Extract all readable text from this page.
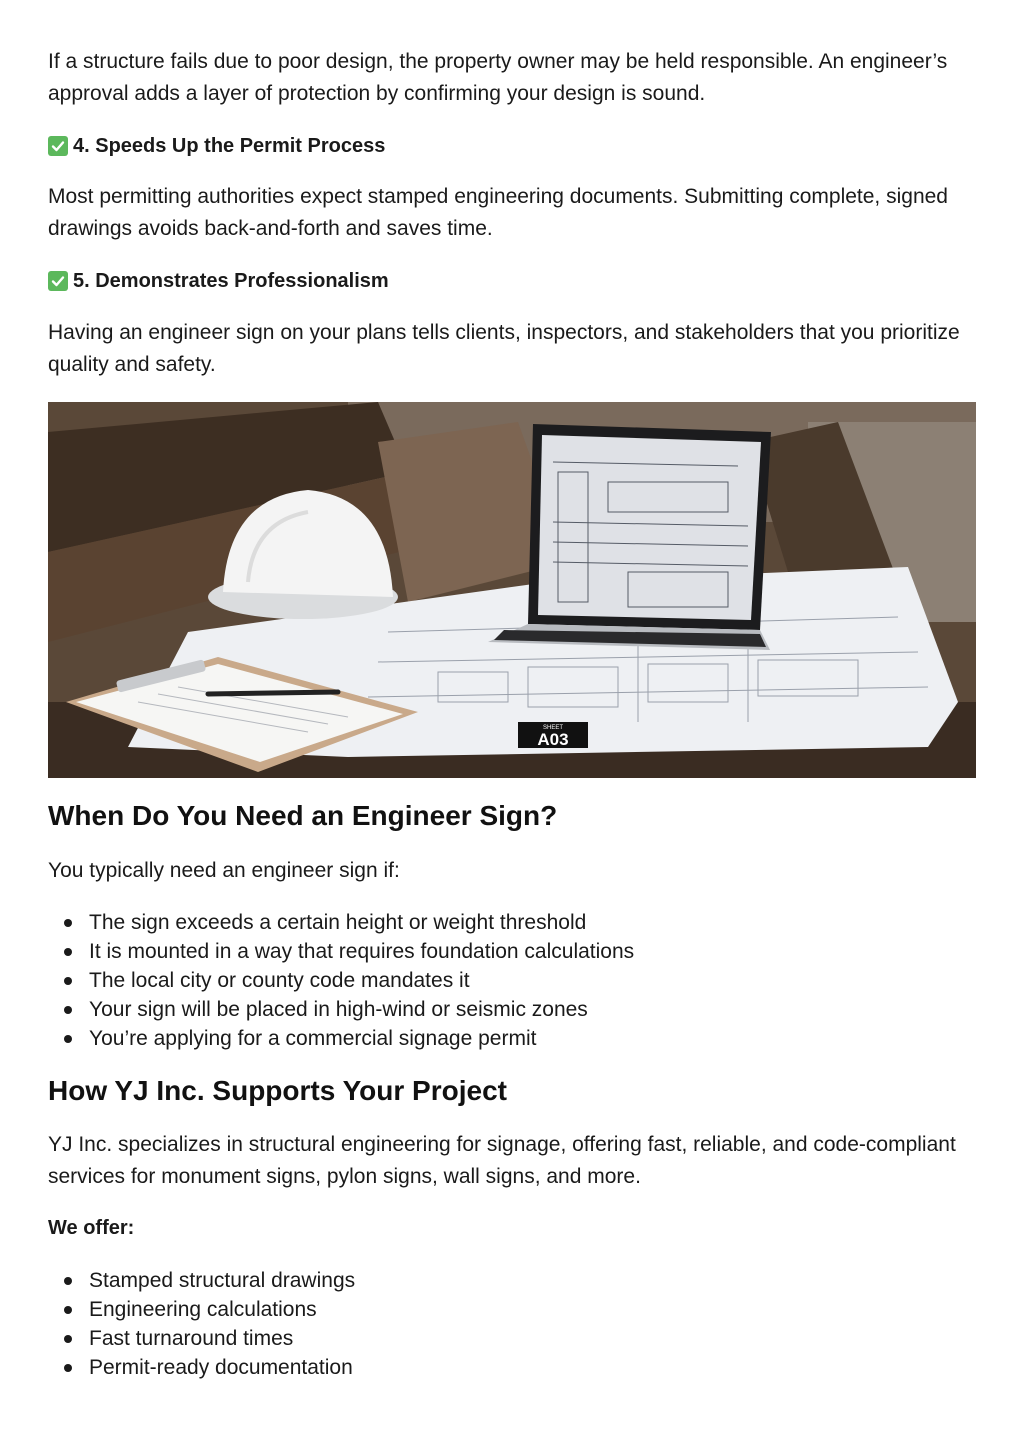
If a structure fails due to poor design, the property owner may be held responsible. An engineer’s approval adds a layer of protection by confirming your design is sound.

4. Speeds Up the Permit Process

Most permitting authorities expect stamped engineering documents. Submitting complete, signed drawings avoids back-and-forth and saves time.

5. Demonstrates Professionalism

Having an engineer sign on your plans tells clients, inspectors, and stakeholders that you prioritize quality and safety.

SHEET
A03
When Do You Need an Engineer Sign?

You typically need an engineer sign if:

The sign exceeds a certain height or weight threshold
It is mounted in a way that requires foundation calculations
The local city or county code mandates it
Your sign will be placed in high-wind or seismic zones
You’re applying for a commercial signage permit
How YJ Inc. Supports Your Project

YJ Inc. specializes in structural engineering for signage, offering fast, reliable, and code-compliant services for monument signs, pylon signs, wall signs, and more.

We offer:
Stamped structural drawings
Engineering calculations
Fast turnaround times
Permit-ready documentation
